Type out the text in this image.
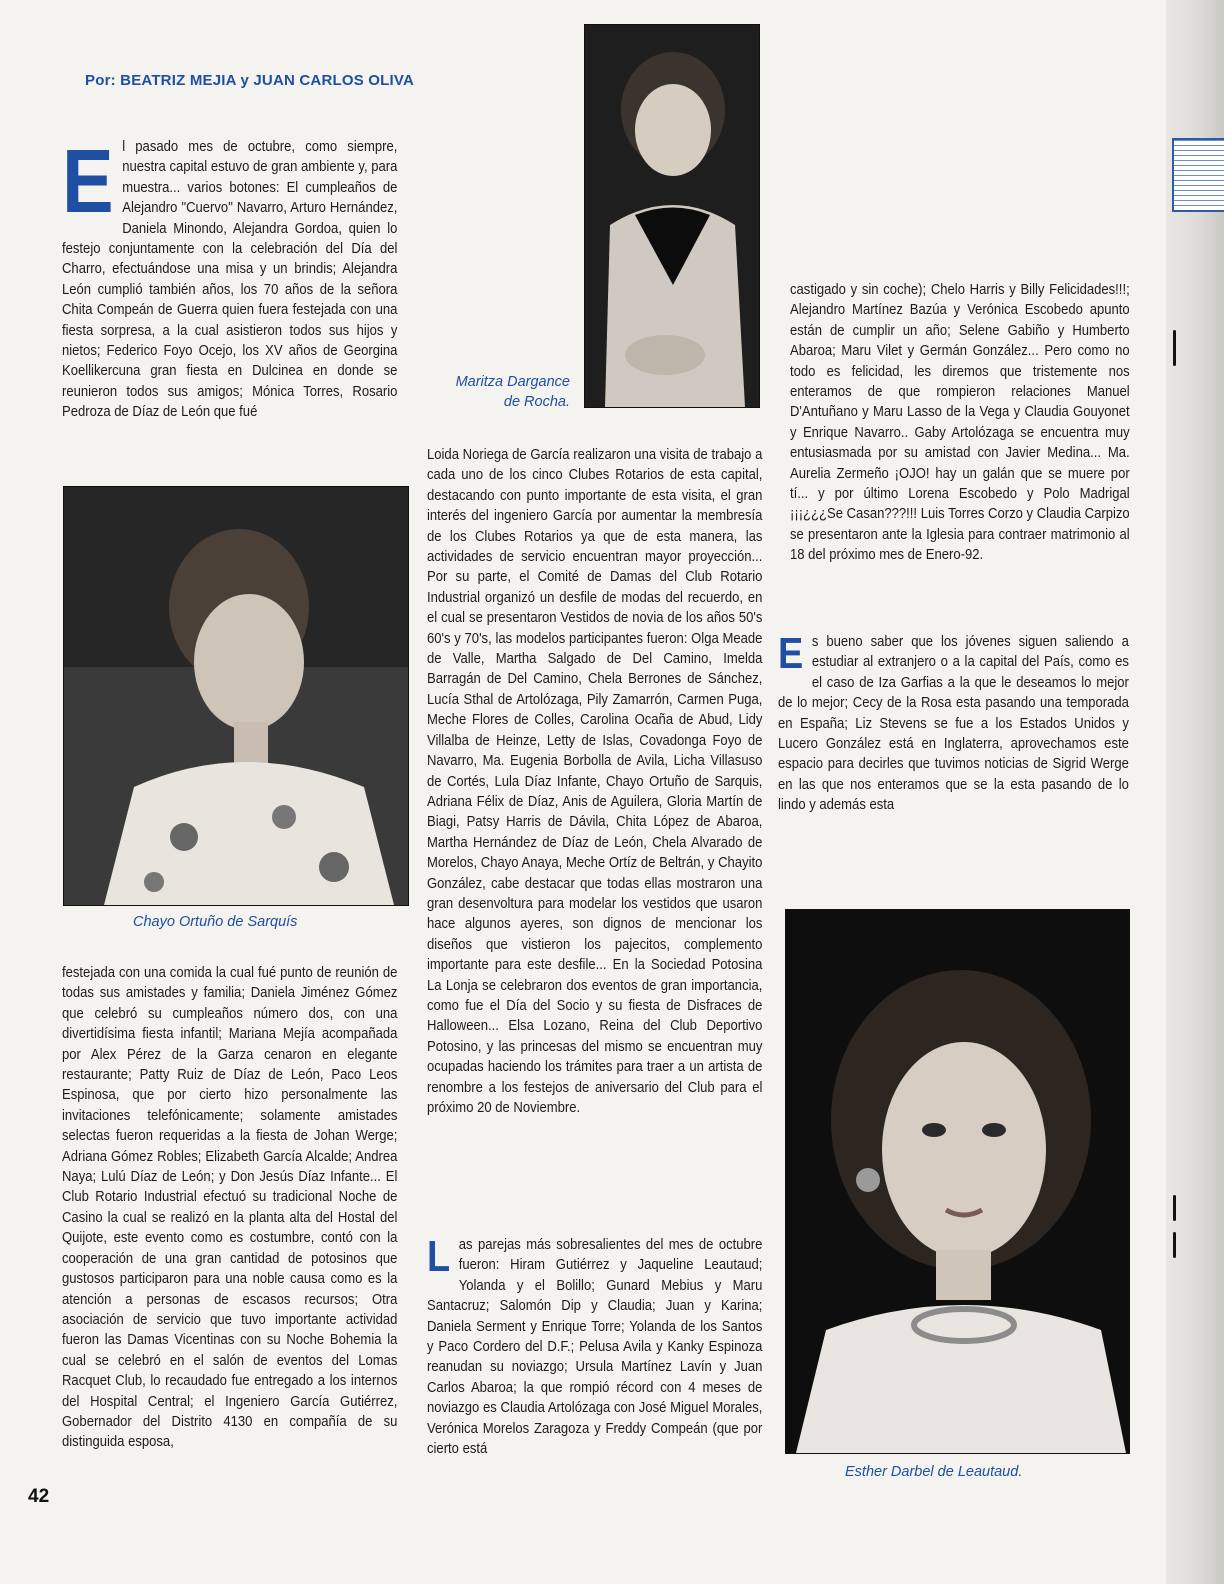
Por: BEATRIZ MEJIA y JUAN CARLOS OLIVA

E l pasado mes de octubre, como siempre, nuestra capital estuvo de gran ambiente y, para muestra... varios botones: El cumpleaños de Alejandro "Cuervo" Navarro, Arturo Hernández, Daniela Minondo, Alejandra Gordoa, quien lo festejo conjuntamente con la celebración del Día del Charro, efectuándose una misa y un brindis; Alejandra León cumplió también años, los 70 años de la señora Chita Compeán de Guerra quien fuera festejada con una fiesta sorpresa, a la cual asistieron todos sus hijos y nietos; Federico Foyo Ocejo, los XV años de Georgina Koellikercuna gran fiesta en Dulcinea en donde se reunieron todos sus amigos; Mónica Torres, Rosario Pedroza de Díaz de León que fué

Chayo Ortuño de Sarquís

festejada con una comida la cual fué punto de reunión de todas sus amistades y familia; Daniela Jiménez Gómez que celebró su cumpleaños número dos, con una divertidísima fiesta infantil; Mariana Mejía acompañada por Alex Pérez de la Garza cenaron en elegante restaurante; Patty Ruiz de Díaz de León, Paco Leos Espinosa, que por cierto hizo personalmente las invitaciones telefónicamente; solamente amistades selectas fueron requeridas a la fiesta de Johan Werge; Adriana Gómez Robles; Elizabeth García Alcalde; Andrea Naya; Lulú Díaz de León; y Don Jesús Díaz Infante... El Club Rotario Industrial efectuó su tradicional Noche de Casino la cual se realizó en la planta alta del Hostal del Quijote, este evento como es costumbre, contó con la cooperación de una gran cantidad de potosinos que gustosos participaron para una noble causa como es la atención a personas de escasos recursos; Otra asociación de servicio que tuvo importante actividad fueron las Damas Vicentinas con su Noche Bohemia la cual se celebró en el salón de eventos del Lomas Racquet Club, lo recaudado fue entregado a los internos del Hospital Central; el Ingeniero García Gutiérrez, Gobernador del Distrito 4130 en compañía de su distinguida esposa,

Maritza Dargance de Rocha.

Loida Noriega de García realizaron una visita de trabajo a cada uno de los cinco Clubes Rotarios de esta capital, destacando con punto importante de esta visita, el gran interés del ingeniero García por aumentar la membresía de los Clubes Rotarios ya que de esta manera, las actividades de servicio encuentran mayor proyección... Por su parte, el Comité de Damas del Club Rotario Industrial organizó un desfile de modas del recuerdo, en el cual se presentaron Vestidos de novia de los años 50's 60's y 70's, las modelos participantes fueron: Olga Meade de Valle, Martha Salgado de Del Camino, Imelda Barragán de Del Camino, Chela Berrones de Sánchez, Lucía Sthal de Artolózaga, Pily Zamarrón, Carmen Puga, Meche Flores de Colles, Carolina Ocaña de Abud, Lidy Villalba de Heinze, Letty de Islas, Covadonga Foyo de Navarro, Ma. Eugenia Borbolla de Avila, Licha Villasuso de Cortés, Lula Díaz Infante, Chayo Ortuño de Sarquis, Adriana Félix de Díaz, Anis de Aguilera, Gloria Martín de Biagi, Patsy Harris de Dávila, Chita López de Abaroa, Martha Hernández de Díaz de León, Chela Alvarado de Morelos, Chayo Anaya, Meche Ortíz de Beltrán, y Chayito González, cabe destacar que todas ellas mostraron una gran desenvoltura para modelar los vestidos que usaron hace algunos ayeres, son dignos de mencionar los diseños que vistieron los pajecitos, complemento importante para este desfile... En la Sociedad Potosina La Lonja se celebraron dos eventos de gran importancia, como fue el Día del Socio y su fiesta de Disfraces de Halloween... Elsa Lozano, Reina del Club Deportivo Potosino, y las princesas del mismo se encuentran muy ocupadas haciendo los trámites para traer a un artista de renombre a los festejos de aniversario del Club para el próximo 20 de Noviembre.

L as parejas más sobresalientes del mes de octubre fueron: Hiram Gutiérrez y Jaqueline Leautaud; Yolanda y el Bolillo; Gunard Mebius y Maru Santacruz; Salomón Dip y Claudia; Juan y Karina; Daniela Serment y Enrique Torre; Yolanda de los Santos y Paco Cordero del D.F.; Pelusa Avila y Kanky Espinoza reanudan su noviazgo; Ursula Martínez Lavín y Juan Carlos Abaroa; la que rompió récord con 4 meses de noviazgo es Claudia Artolózaga con José Miguel Morales, Verónica Morelos Zaragoza y Freddy Compeán (que por cierto está

castigado y sin coche); Chelo Harris y Billy Felicidades!!!; Alejandro Martínez Bazúa y Verónica Escobedo apunto están de cumplir un año; Selene Gabiño y Humberto Abaroa; Maru Vilet y Germán González... Pero como no todo es felicidad, les diremos que tristemente nos enteramos de que rompieron relaciones Manuel D'Antuñano y Maru Lasso de la Vega y Claudia Gouyonet y Enrique Navarro.. Gaby Artolózaga se encuentra muy entusiasmada por su amistad con Javier Medina... Ma. Aurelia Zermeño ¡OJO! hay un galán que se muere por tí... y por último Lorena Escobedo y Polo Madrigal ¡¡¡¿¿¿Se Casan???!!! Luis Torres Corzo y Claudia Carpizo se presentaron ante la Iglesia para contraer matrimonio al 18 del próximo mes de Enero-92.

E s bueno saber que los jóvenes siguen saliendo a estudiar al extranjero o a la capital del País, como es el caso de Iza Garfias a la que le deseamos lo mejor de lo mejor; Cecy de la Rosa esta pasando una temporada en España; Liz Stevens se fue a los Estados Unidos y Lucero González está en Inglaterra, aprovechamos este espacio para decirles que tuvimos noticias de Sigrid Werge en las que nos enteramos que se la esta pasando de lo lindo y además esta

Esther Darbel de Leautaud.
42
